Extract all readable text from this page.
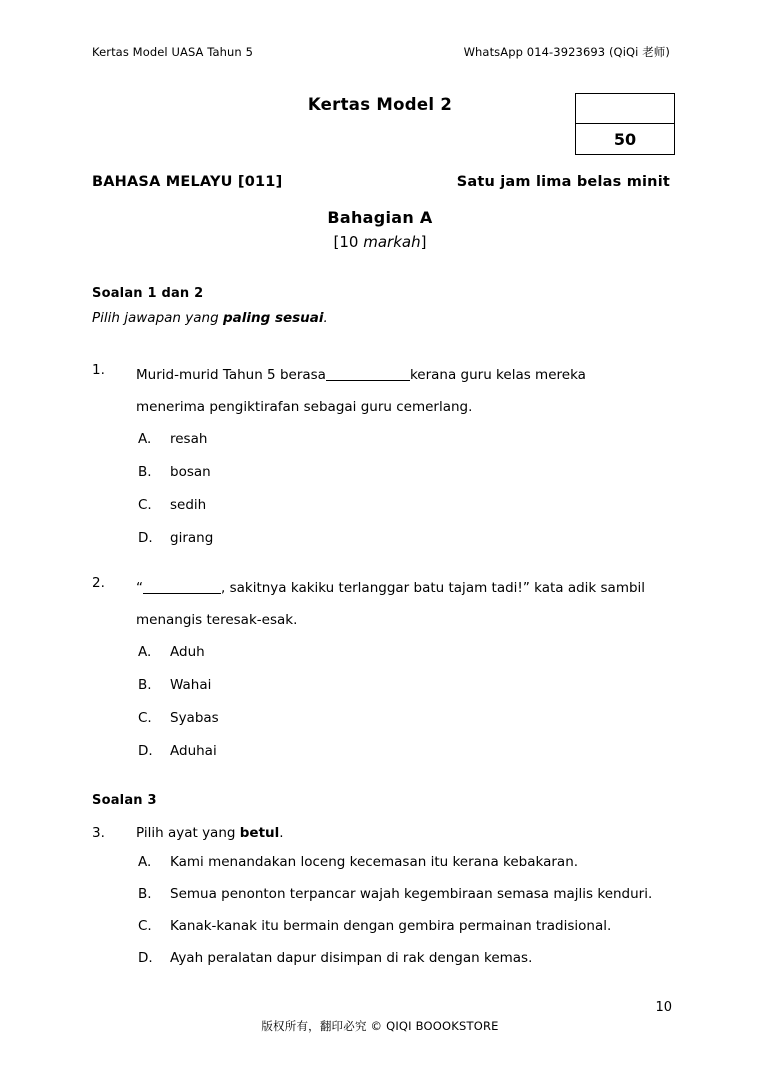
Kertas Model UASA Tahun 5	WhatsApp 014-3923693 (QiQi 老师)
Kertas Model 2
50
BAHASA MELAYU [011]	Satu jam lima belas minit
Bahagian A
[10 markah]
Soalan 1 dan 2
Pilih jawapan yang paling sesuai.
1.	Murid-murid Tahun 5 berasa	kerana guru kelas mereka
menerima pengiktirafan sebagai guru cemerlang.
A.	resah
B.	bosan
C.	sedih
D.	girang
2.	“	, sakitnya kakiku terlanggar batu tajam tadi!” kata adik sambil
menangis teresak-esak.
A.	Aduh
B.	Wahai
C.	Syabas
D.	Aduhai
Soalan 3
3.	Pilih ayat yang betul.
A.	Kami menandakan loceng kecemasan itu kerana kebakaran.
B.	Semua penonton terpancar wajah kegembiraan semasa majlis kenduri.
C.	Kanak-kanak itu bermain dengan gembira permainan tradisional.
D.	Ayah peralatan dapur disimpan di rak dengan kemas.
10
版权所有，翻印必究 © QIQI BOOOKSTORE
